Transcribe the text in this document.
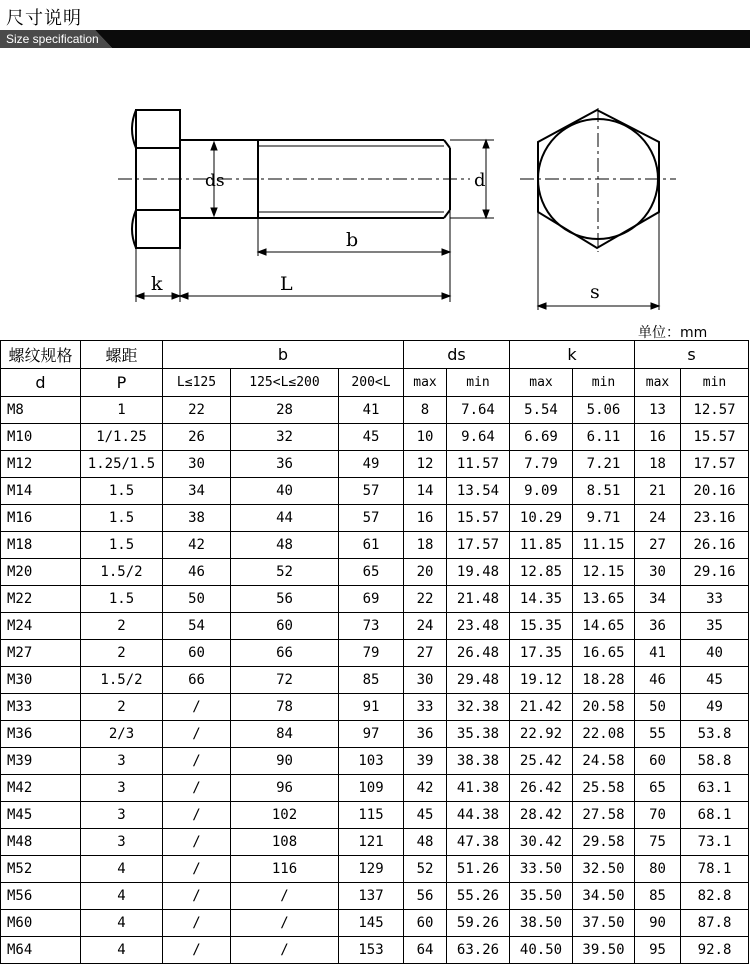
尺寸说明
Size specification
ds	d
b
k	L	s
单位：mm
螺纹规格	螺距	b			ds		k		s	
d	P	L≤125	125<L≤200	200<L	max	min	max	min	max	min
M8	1	22	28	41	8	7.64	5.54	5.06	13	12.57
M10	1/1.25	26	32	45	10	9.64	6.69	6.11	16	15.57
M12	1.25/1.5	30	36	49	12	11.57	7.79	7.21	18	17.57
M14	1.5	34	40	57	14	13.54	9.09	8.51	21	20.16
M16	1.5	38	44	57	16	15.57	10.29	9.71	24	23.16
M18	1.5	42	48	61	18	17.57	11.85	11.15	27	26.16
M20	1.5/2	46	52	65	20	19.48	12.85	12.15	30	29.16
M22	1.5	50	56	69	22	21.48	14.35	13.65	34	33
M24	2	54	60	73	24	23.48	15.35	14.65	36	35
M27	2	60	66	79	27	26.48	17.35	16.65	41	40
M30	1.5/2	66	72	85	30	29.48	19.12	18.28	46	45
M33	2	/	78	91	33	32.38	21.42	20.58	50	49
M36	2/3	/	84	97	36	35.38	22.92	22.08	55	53.8
M39	3	/	90	103	39	38.38	25.42	24.58	60	58.8
M42	3	/	96	109	42	41.38	26.42	25.58	65	63.1
M45	3	/	102	115	45	44.38	28.42	27.58	70	68.1
M48	3	/	108	121	48	47.38	30.42	29.58	75	73.1
M52	4	/	116	129	52	51.26	33.50	32.50	80	78.1
M56	4	/	/	137	56	55.26	35.50	34.50	85	82.8
M60	4	/	/	145	60	59.26	38.50	37.50	90	87.8
M64	4	/	/	153	64	63.26	40.50	39.50	95	92.8
